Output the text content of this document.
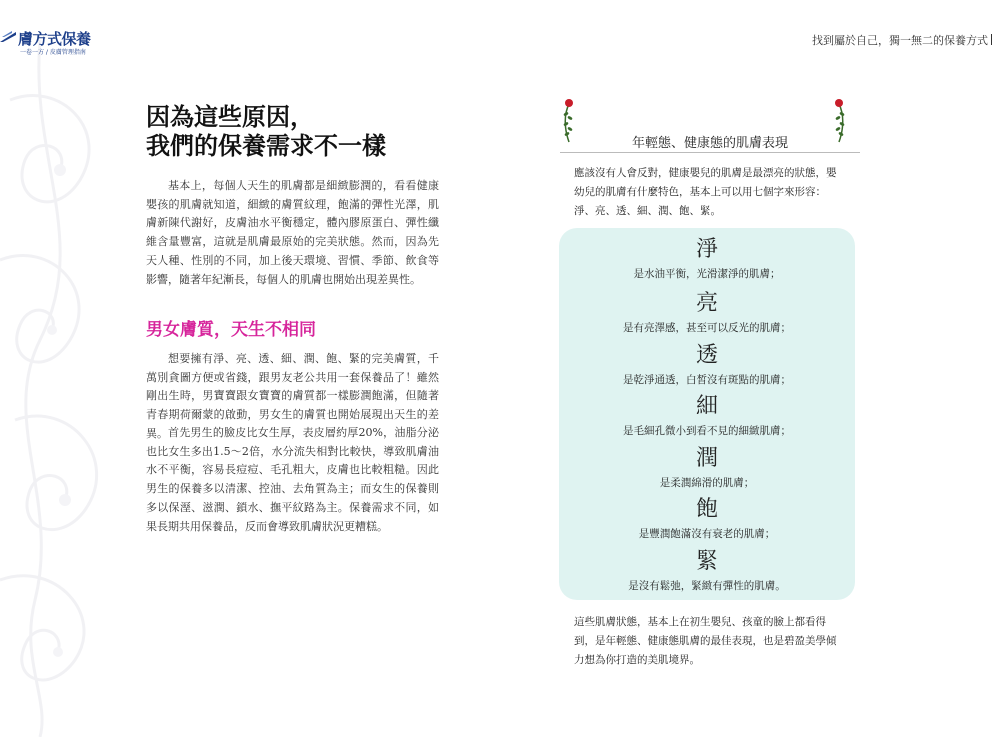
膚方式保養
一卷一方 / 皮膚管理指南
找到屬於自己，獨一無二的保養方式
因為這些原因，
我們的保養需求不一樣

基本上，每個人天生的肌膚都是細緻膨潤的，看看健康嬰孩的肌膚就知道，細緻的膚質紋理，飽滿的彈性光澤，肌膚新陳代謝好，皮膚油水平衡穩定，體內膠原蛋白、彈性纖維含量豐富，這就是肌膚最原始的完美狀態。然而，因為先天人種、性別的不同，加上後天環境、習慣、季節、飲食等影響，隨著年紀漸長，每個人的肌膚也開始出現差異性。

男女膚質，天生不相同

想要擁有淨、亮、透、細、潤、飽、緊的完美膚質，千萬別貪圖方便或省錢，跟男友老公共用一套保養品了！雖然剛出生時，男寶寶跟女寶寶的膚質都一樣膨潤飽滿，但隨著青春期荷爾蒙的啟動，男女生的膚質也開始展現出天生的差異。 首先男生的臉皮比女生厚，表皮層約厚20%，油脂分泌也比女生多出1.5～2倍，水分流失相對比較快，導致肌膚油水不平衡，容易長痘痘、毛孔粗大，皮膚也比較粗糙。因此男生的保養多以清潔、控油、去角質為主；而女生的保養則多以保溼、滋潤、鎖水、撫平紋路為主。保養需求不同，如果長期共用保養品，反而會導致肌膚狀況更糟糕。

年輕態、健康態的肌膚表現

應該沒有人會反對，健康嬰兒的肌膚是最漂亮的狀態，嬰幼兒的肌膚有什麼特色，基本上可以用七個字來形容：淨、亮、透、細、潤、飽、緊。

淨
是水油平衡，光滑潔淨的肌膚；
亮
是有亮澤感，甚至可以反光的肌膚；
透
是乾淨通透，白皙沒有斑點的肌膚；
細
是毛細孔微小到看不見的細緻肌膚；
潤
是柔潤綿滑的肌膚；
飽
是豐潤飽滿沒有衰老的肌膚；
緊
是沒有鬆弛，緊緻有彈性的肌膚。

這些肌膚狀態，基本上在初生嬰兒、孩童的臉上都看得到，是年輕態、健康態肌膚的最佳表現，也是碧盈美學傾力想為你打造的美肌境界。
